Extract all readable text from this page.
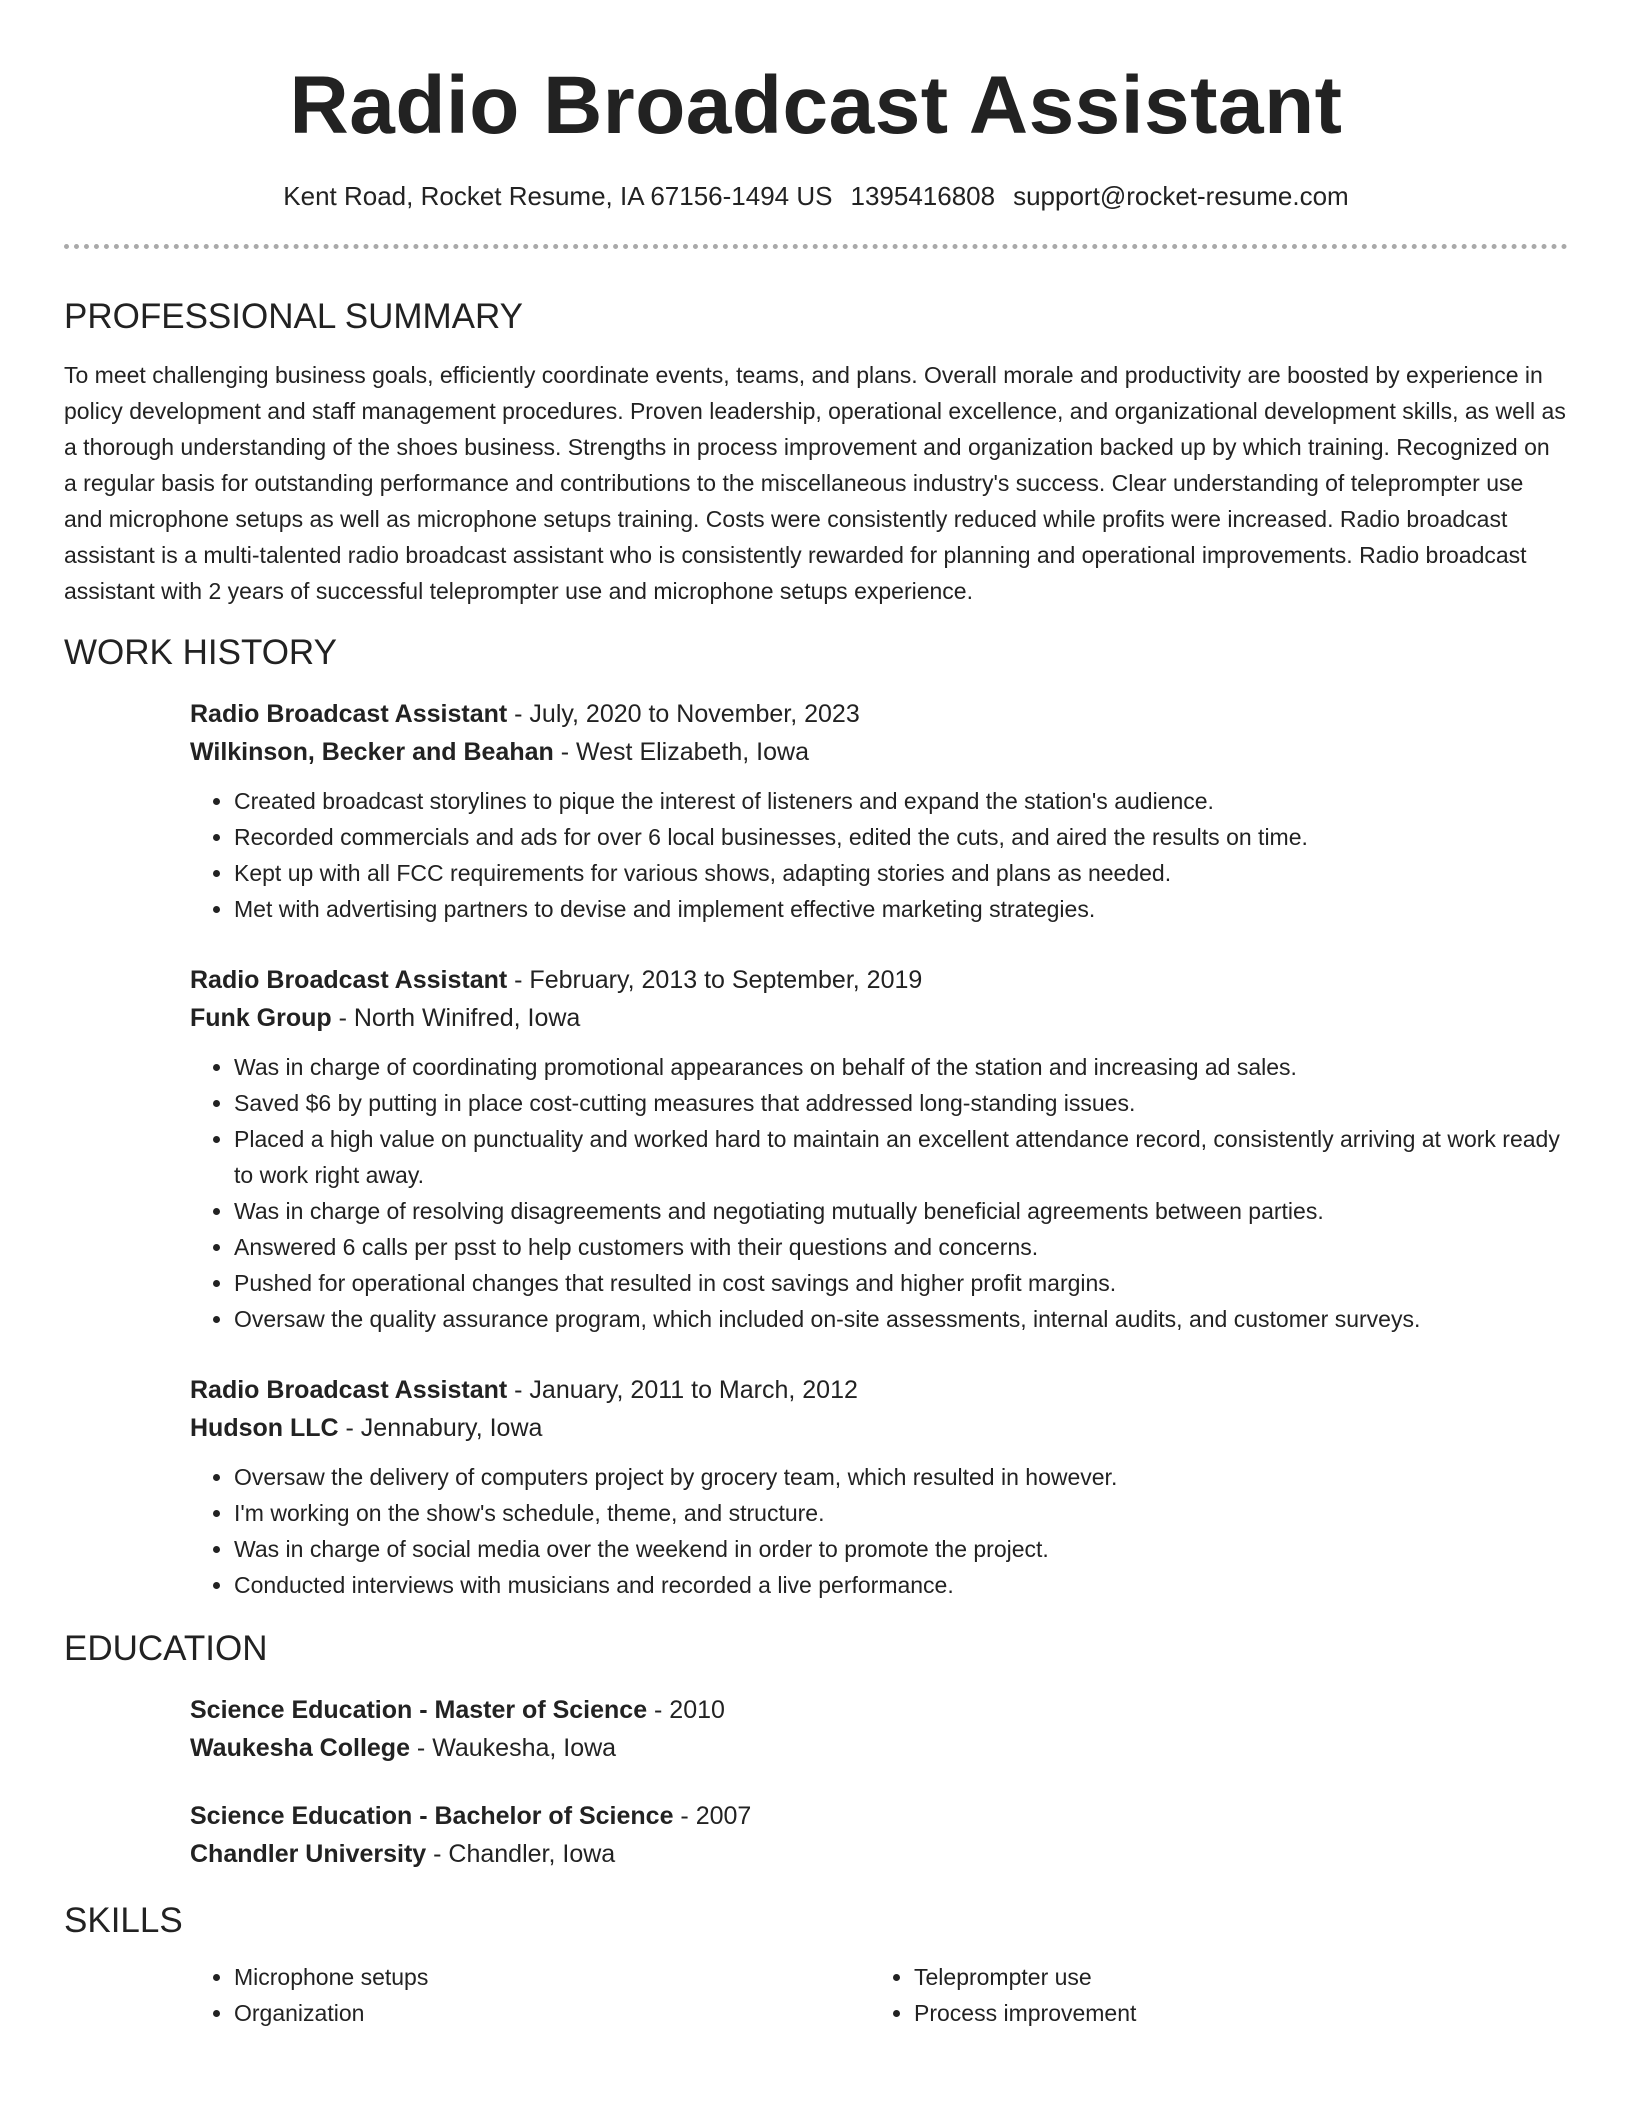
Radio Broadcast Assistant
Kent Road, Rocket Resume, IA 67156-1494 US 1395416808 support@rocket-resume.com
PROFESSIONAL SUMMARY

To meet challenging business goals, efficiently coordinate events, teams, and plans. Overall morale and productivity are boosted by experience in policy development and staff management procedures. Proven leadership, operational excellence, and organizational development skills, as well as a thorough understanding of the shoes business. Strengths in process improvement and organization backed up by which training. Recognized on a regular basis for outstanding performance and contributions to the miscellaneous industry's success. Clear understanding of teleprompter use and microphone setups as well as microphone setups training. Costs were consistently reduced while profits were increased. Radio broadcast assistant is a multi-talented radio broadcast assistant who is consistently rewarded for planning and operational improvements. Radio broadcast assistant with 2 years of successful teleprompter use and microphone setups experience.

WORK HISTORY

Radio Broadcast Assistant - July, 2020 to November, 2023

Wilkinson, Becker and Beahan - West Elizabeth, Iowa

• Created broadcast storylines to pique the interest of listeners and expand the station's audience.
• Recorded commercials and ads for over 6 local businesses, edited the cuts, and aired the results on time.
• Kept up with all FCC requirements for various shows, adapting stories and plans as needed.
• Met with advertising partners to devise and implement effective marketing strategies.

Radio Broadcast Assistant - February, 2013 to September, 2019

Funk Group - North Winifred, Iowa

• Was in charge of coordinating promotional appearances on behalf of the station and increasing ad sales.
• Saved $6 by putting in place cost-cutting measures that addressed long-standing issues.
• Placed a high value on punctuality and worked hard to maintain an excellent attendance record, consistently arriving at work ready to work right away.
• Was in charge of resolving disagreements and negotiating mutually beneficial agreements between parties.
• Answered 6 calls per psst to help customers with their questions and concerns.
• Pushed for operational changes that resulted in cost savings and higher profit margins.
• Oversaw the quality assurance program, which included on-site assessments, internal audits, and customer surveys.

Radio Broadcast Assistant - January, 2011 to March, 2012

Hudson LLC - Jennabury, Iowa

• Oversaw the delivery of computers project by grocery team, which resulted in however.
• I'm working on the show's schedule, theme, and structure.
• Was in charge of social media over the weekend in order to promote the project.
• Conducted interviews with musicians and recorded a live performance.
EDUCATION

Science Education - Master of Science - 2010

Waukesha College - Waukesha, Iowa

Science Education - Bachelor of Science - 2007

Chandler University - Chandler, Iowa

SKILLS
• Microphone setups
• Organization
• Teleprompter use
• Process improvement
